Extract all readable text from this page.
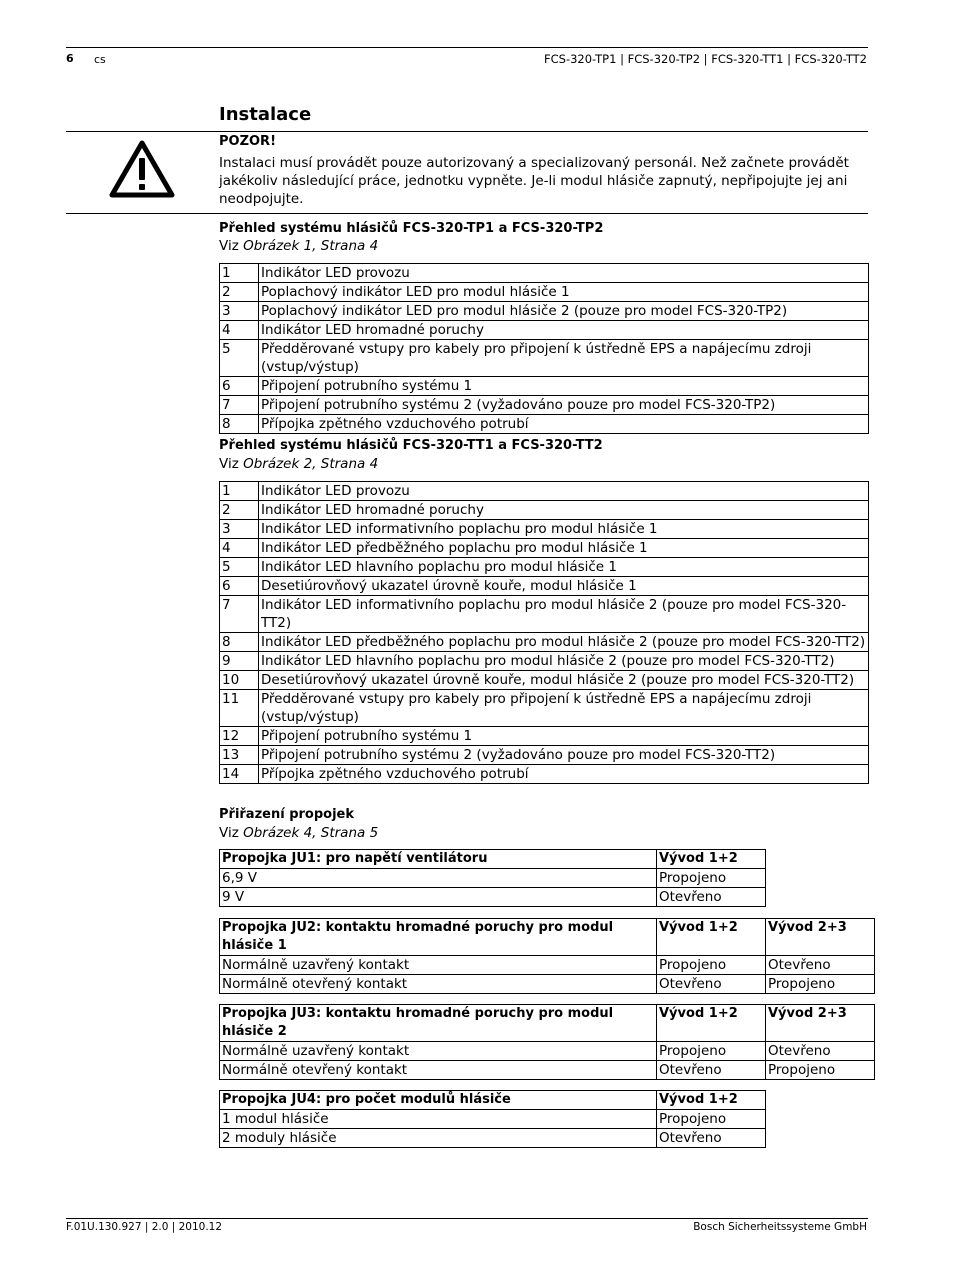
6 cs	FCS-320-TP1 | FCS-320-TP2 | FCS-320-TT1 | FCS-320-TT2
Instalace
POZOR!
Instalaci musí provádět pouze autorizovaný a specializovaný personál. Než začnete provádět jakékoliv následující práce, jednotku vypněte. Je-li modul hlásiče zapnutý, nepřipojujte jej ani neodpojujte.
Přehled systému hlásičů FCS-320-TP1 a FCS-320-TP2
Viz Obrázek 1, Strana 4
1	Indikátor LED provozu
2	Poplachový indikátor LED pro modul hlásiče 1
3	Poplachový indikátor LED pro modul hlásiče 2 (pouze pro model FCS-320-TP2)
4	Indikátor LED hromadné poruchy
5	Předděrované vstupy pro kabely pro připojení k ústředně EPS a napájecímu zdroji (vstup/výstup)
6	Připojení potrubního systému 1
7	Připojení potrubního systému 2 (vyžadováno pouze pro model FCS-320-TP2)
8	Přípojka zpětného vzduchového potrubí
Přehled systému hlásičů FCS-320-TT1 a FCS-320-TT2
Viz Obrázek 2, Strana 4
1	Indikátor LED provozu
2	Indikátor LED hromadné poruchy
3	Indikátor LED informativního poplachu pro modul hlásiče 1
4	Indikátor LED předběžného poplachu pro modul hlásiče 1
5	Indikátor LED hlavního poplachu pro modul hlásiče 1
6	Desetiúrovňový ukazatel úrovně kouře, modul hlásiče 1
7	Indikátor LED informativního poplachu pro modul hlásiče 2 (pouze pro model FCS-320-TT2)
8	Indikátor LED předběžného poplachu pro modul hlásiče 2 (pouze pro model FCS-320-TT2)
9	Indikátor LED hlavního poplachu pro modul hlásiče 2 (pouze pro model FCS-320-TT2)
10	Desetiúrovňový ukazatel úrovně kouře, modul hlásiče 2 (pouze pro model FCS-320-TT2)
11	Předděrované vstupy pro kabely pro připojení k ústředně EPS a napájecímu zdroji (vstup/výstup)
12	Připojení potrubního systému 1
13	Připojení potrubního systému 2 (vyžadováno pouze pro model FCS-320-TT2)
14	Přípojka zpětného vzduchového potrubí
Přiřazení propojek
Viz Obrázek 4, Strana 5
Propojka JU1: pro napětí ventilátoru	Vývod 1+2
6,9 V	Propojeno
9 V	Otevřeno
Propojka JU2: kontaktu hromadné poruchy pro modul hlásiče 1	Vývod 1+2	Vývod 2+3
Normálně uzavřený kontakt	Propojeno	Otevřeno
Normálně otevřený kontakt	Otevřeno	Propojeno
Propojka JU3: kontaktu hromadné poruchy pro modul hlásiče 2	Vývod 1+2	Vývod 2+3
Normálně uzavřený kontakt	Propojeno	Otevřeno
Normálně otevřený kontakt	Otevřeno	Propojeno
Propojka JU4: pro počet modulů hlásiče	Vývod 1+2
1 modul hlásiče	Propojeno
2 moduly hlásiče	Otevřeno
F.01U.130.927 | 2.0 | 2010.12	Bosch Sicherheitssysteme GmbH
